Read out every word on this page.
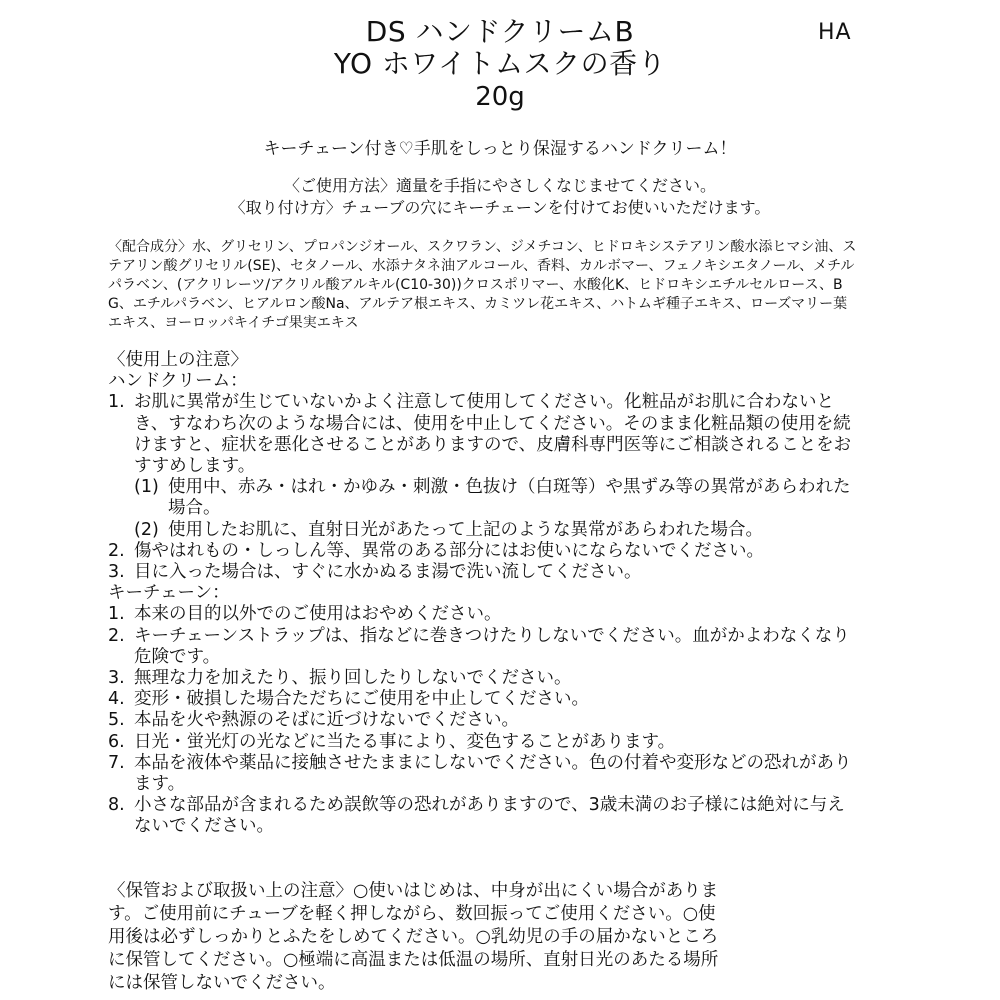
HA

DS ハンドクリームB

YO ホワイトムスクの香り

20g

キーチェーン付き♡手肌をしっとり保湿するハンドクリーム！

〈ご使用方法〉適量を手指にやさしくなじませてください。
〈取り付け方〉チューブの穴にキーチェーンを付けてお使いいただけます。

〈配合成分〉水、グリセリン、プロパンジオール、スクワラン、ジメチコン、ヒドロキシステアリン酸水添ヒマシ油、ステアリン酸グリセリル(SE)、セタノール、水添ナタネ油アルコール、香料、カルボマー、フェノキシエタノール、メチルパラベン、(アクリレーツ/アクリル酸アルキル(C10-30))クロスポリマー、水酸化K、ヒドロキシエチルセルロース、BG、エチルパラベン、ヒアルロン酸Na、アルテア根エキス、カミツレ花エキス、ハトムギ種子エキス、ローズマリー葉エキス、ヨーロッパキイチゴ果実エキス

〈使用上の注意〉

ハンドクリーム：

1. お肌に異常が生じていないかよく注意して使用してください。化粧品がお肌に合わないとき、すなわち次のような場合には、使用を中止してください。そのまま化粧品類の使用を続けますと、症状を悪化させることがありますので、皮膚科専門医等にご相談されることをおすすめします。
(1) 使用中、赤み・はれ・かゆみ・刺激・色抜け（白斑等）や黒ずみ等の異常があらわれた場合。
(2) 使用したお肌に、直射日光があたって上記のような異常があらわれた場合。
2. 傷やはれもの・しっしん等、異常のある部分にはお使いにならないでください。
3. 目に入った場合は、すぐに水かぬるま湯で洗い流してください。

キーチェーン：

1. 本来の目的以外でのご使用はおやめください。
2. キーチェーンストラップは、指などに巻きつけたりしないでください。血がかよわなくなり危険です。
3. 無理な力を加えたり、振り回したりしないでください。
4. 変形・破損した場合ただちにご使用を中止してください。
5. 本品を火や熱源のそばに近づけないでください。
6. 日光・蛍光灯の光などに当たる事により、変色することがあります。
7. 本品を液体や薬品に接触させたままにしないでください。色の付着や変形などの恐れがあります。
8. 小さな部品が含まれるため誤飲等の恐れがありますので、3歳未満のお子様には絶対に与えないでください。

〈保管および取扱い上の注意〉○使いはじめは、中身が出にくい場合があります。ご使用前にチューブを軽く押しながら、数回振ってご使用ください。○使用後は必ずしっかりとふたをしめてください。○乳幼児の手の届かないところに保管してください。○極端に高温または低温の場所、直射日光のあたる場所には保管しないでください。
